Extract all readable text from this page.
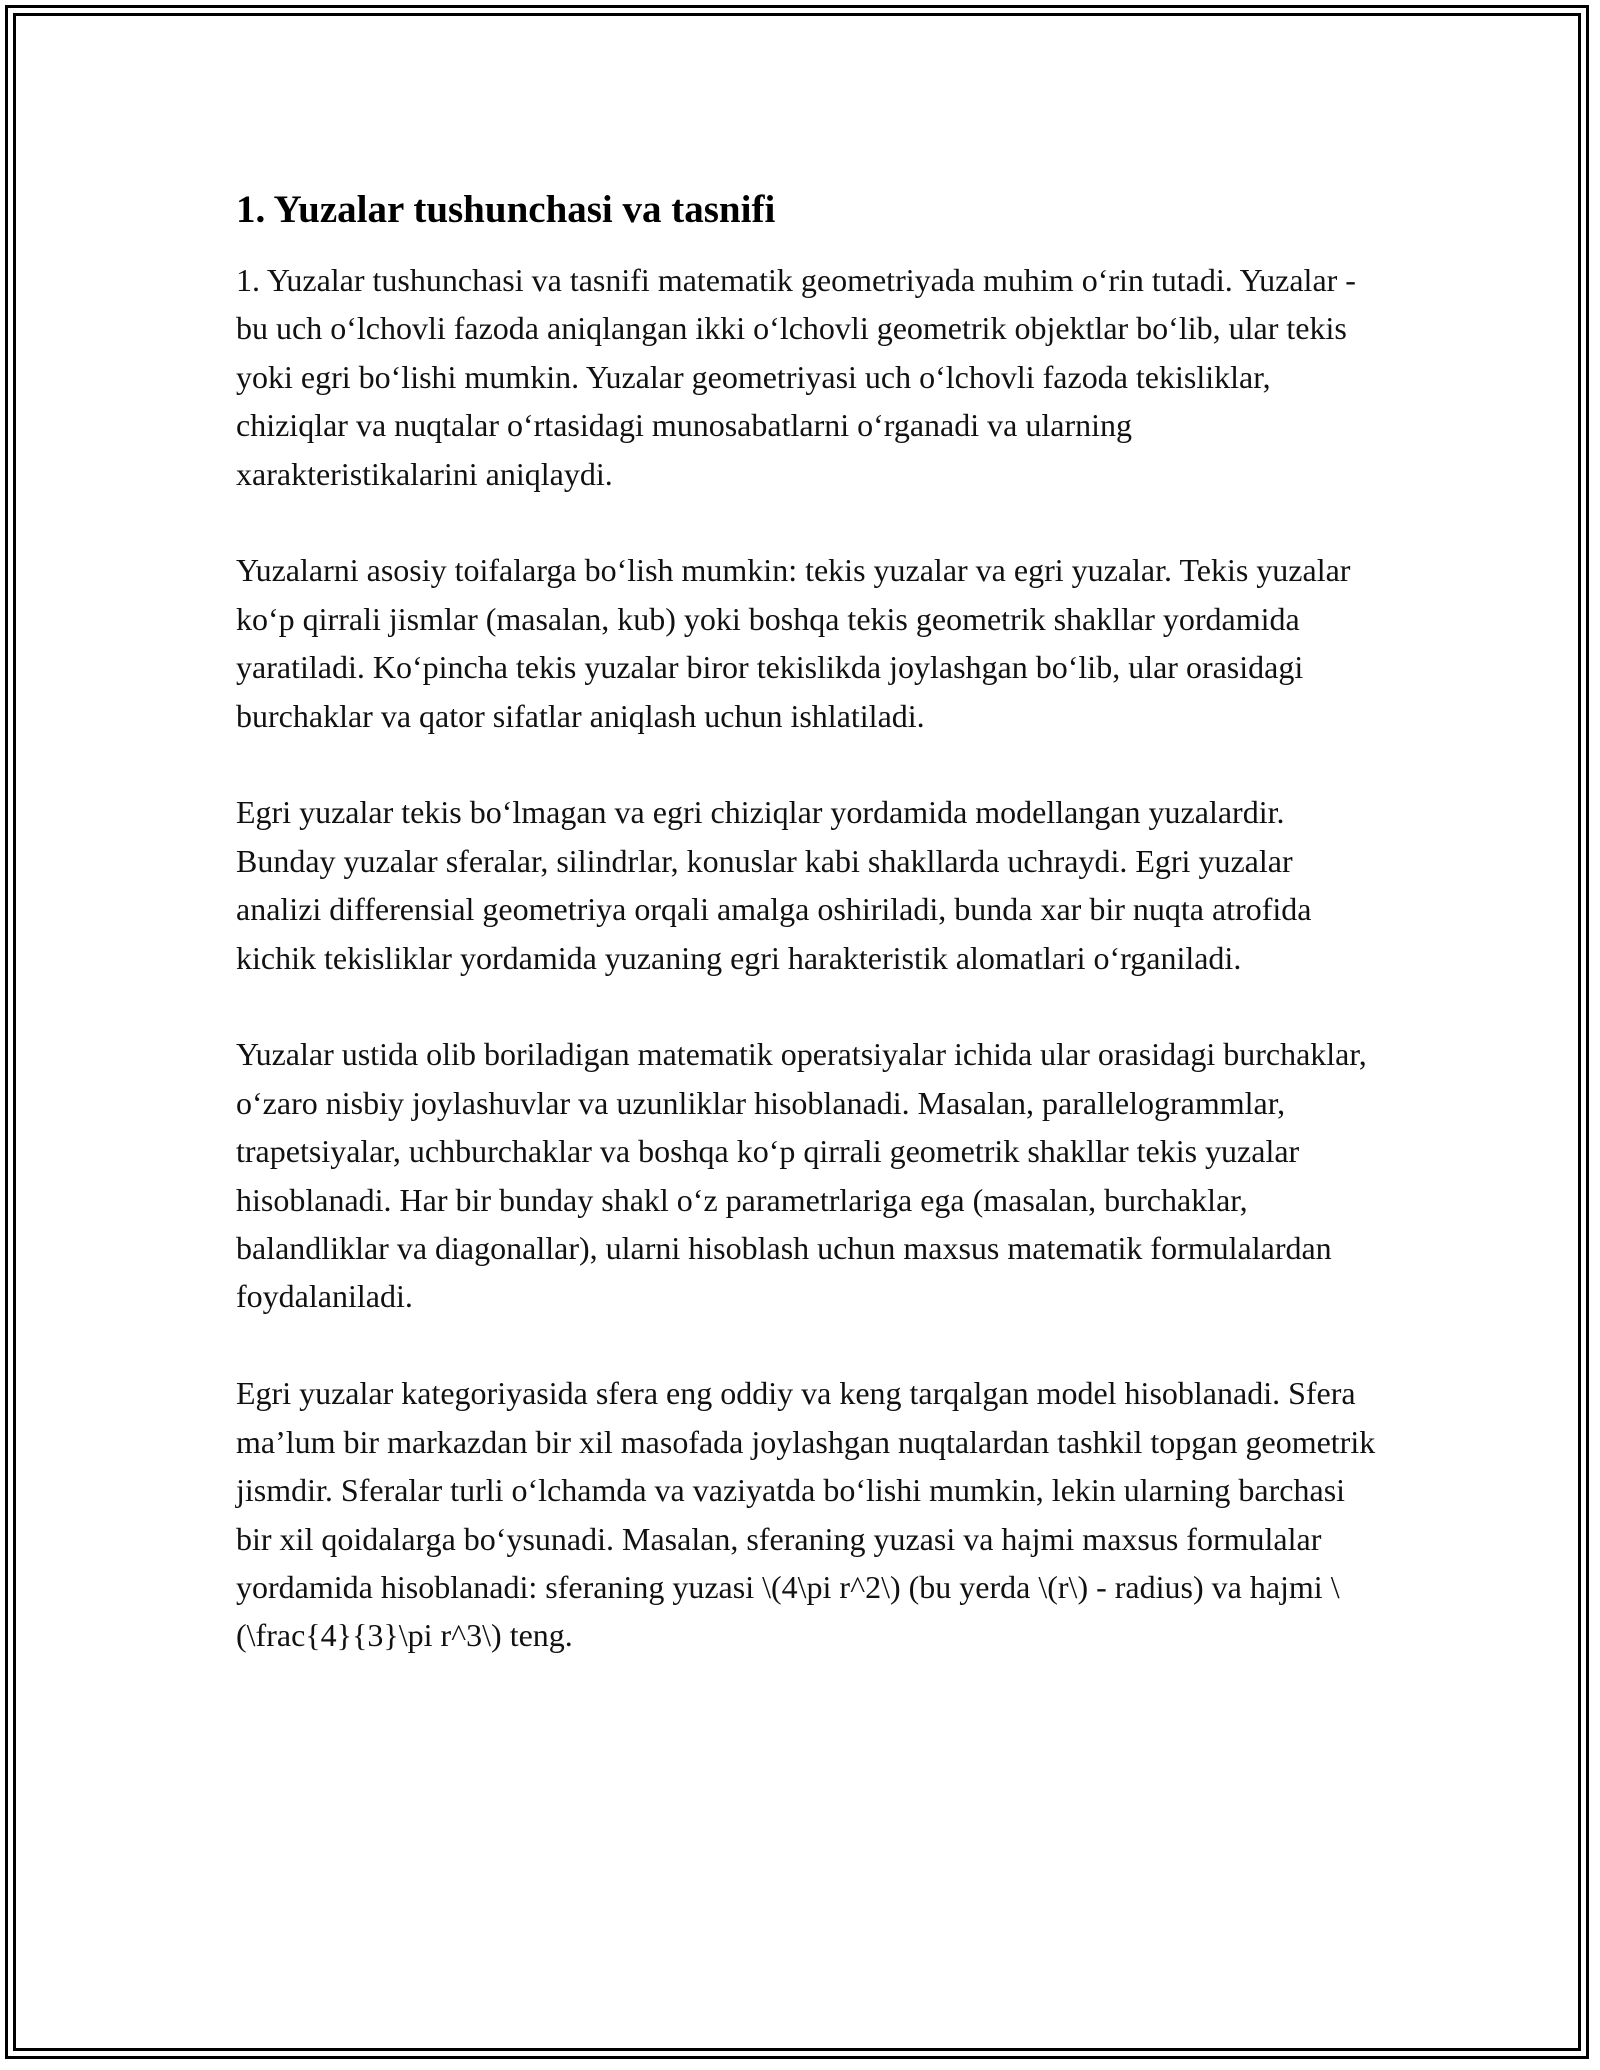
1. Yuzalar tushunchasi va tasnifi

1. Yuzalar tushunchasi va tasnifi matematik geometriyada muhim o‘rin tutadi. Yuzalar - bu uch o‘lchovli fazoda aniqlangan ikki o‘lchovli geometrik objektlar bo‘lib, ular tekis yoki egri bo‘lishi mumkin. Yuzalar geometriyasi uch o‘lchovli fazoda tekisliklar, chiziqlar va nuqtalar o‘rtasidagi munosabatlarni o‘rganadi va ularning xarakteristikalarini aniqlaydi.

Yuzalarni asosiy toifalarga bo‘lish mumkin: tekis yuzalar va egri yuzalar. Tekis yuzalar ko‘p qirrali jismlar (masalan, kub) yoki boshqa tekis geometrik shakllar yordamida yaratiladi. Ko‘pincha tekis yuzalar biror tekislikda joylashgan bo‘lib, ular orasidagi burchaklar va qator sifatlar aniqlash uchun ishlatiladi.

Egri yuzalar tekis bo‘lmagan va egri chiziqlar yordamida modellangan yuzalardir. Bunday yuzalar sferalar, silindrlar, konuslar kabi shakllarda uchraydi. Egri yuzalar analizi differensial geometriya orqali amalga oshiriladi, bunda xar bir nuqta atrofida kichik tekisliklar yordamida yuzaning egri harakteristik alomatlari o‘rganiladi.

Yuzalar ustida olib boriladigan matematik operatsiyalar ichida ular orasidagi burchaklar, o‘zaro nisbiy joylashuvlar va uzunliklar hisoblanadi. Masalan, parallelogrammlar, trapetsiyalar, uchburchaklar va boshqa ko‘p qirrali geometrik shakllar tekis yuzalar hisoblanadi. Har bir bunday shakl o‘z parametrlariga ega (masalan, burchaklar, balandliklar va diagonallar), ularni hisoblash uchun maxsus matematik formulalardan foydalaniladi.

Egri yuzalar kategoriyasida sfera eng oddiy va keng tarqalgan model hisoblanadi. Sfera ma’lum bir markazdan bir xil masofada joylashgan nuqtalardan tashkil topgan geometrik jismdir. Sferalar turli o‘lchamda va vaziyatda bo‘lishi mumkin, lekin ularning barchasi bir xil qoidalarga bo‘ysunadi. Masalan, sferaning yuzasi va hajmi maxsus formulalar yordamida hisoblanadi: sferaning yuzasi \(4\pi r^2\) (bu yerda \(r\) - radius) va hajmi \(\frac{4}{3}\pi r^3\) teng.
